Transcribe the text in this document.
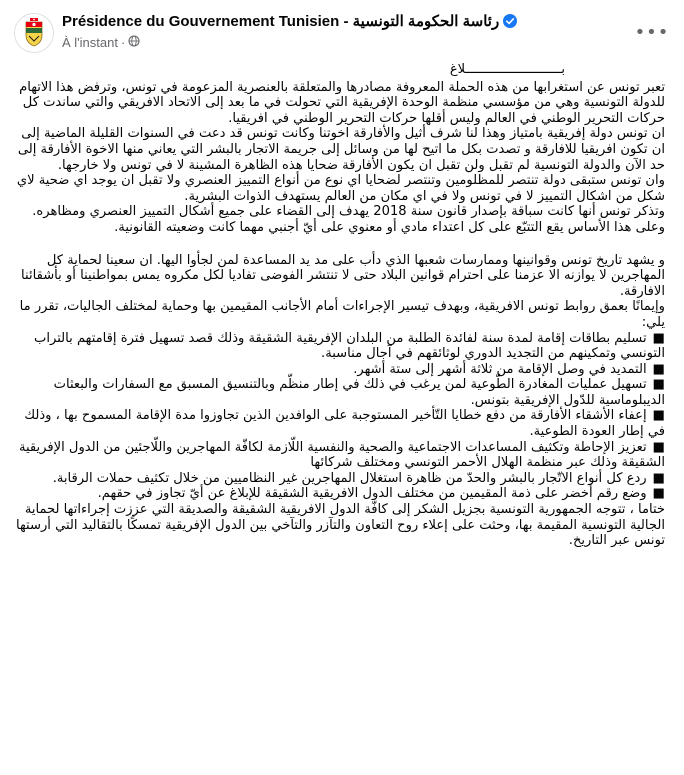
Présidence du Gouvernement Tunisien - رئاسة الحكومة التونسية
À l'instant ·
•••

بـــــــــــــــــــــــــلاغ

تعبر تونس عن استغرابها من هذه الحملة المعروفة مصادرها والمتعلقة بالعنصرية المزعومة في تونس، وترفض هذا الاتهام للدولة التونسية وهي من مؤسسي منظمة الوحدة الإفريقية التي تحولت في ما بعد إلى الاتحاد الافريقي والتي ساندت كل حركات التحرير الوطني في العالم وليس أقلها حركات التحرير الوطني في افريقيا.

ان تونس دولة إفريقية بامتياز وهذا لنا شرف أثيل والأفارقة اخوتنا وكانت تونس قد دعت في السنوات القليلة الماضية إلى ان تكون افريقيا للافارقة و تصدت بكل ما اتيح لها من وسائل إلى جريمة الاتجار بالبشر التي يعاني منها الاخوة الأفارقة إلى حد الآن والدولة التونسية لم تقبل ولن تقبل ان يكون الأفارقة ضحايا هذه الظاهرة المشينة لا في تونس ولا خارجها.

وان تونس ستبقى دولة تنتصر للمظلومين وتنتصر لضحايا اي نوع من أنواع التمييز العنصري ولا تقبل ان يوجد اي ضحية لاي شكل من اشكال التمييز لا في تونس ولا في اي مكان من العالم يستهدف الذوات البشرية.

وتذكر تونس أنها كانت سباقة بإصدار قانون سنة 2018 يهدف إلى القضاء على جميع أشكال التمييز العنصري ومظاهره. وعلى هذا الأساس يقع التتبّع على كل اعتداء مادي أو معنوي على أيّ أجنبي مهما كانت وضعيته القانونية.

و يشهد تاريخ تونس وقوانينها وممارسات شعبها الذي دأب على مد يد المساعدة لمن لجأوا اليها. ان سعينا لحماية كل المهاجرين لا يوازنه الا عزمنا على احترام قوانين البلاد حتى لا تنتشر الفوضى تفاديا لكل مكروه يمس بمواطنينا أو بأشقائنا الافارقة.

وإيمانًا بعمق روابط تونس الافريقية، وبهدف تيسير الإجراءات أمام الأجانب المقيمين بها وحماية لمختلف الجاليات، تقرر ما يلي:

■تسليم بطاقات إقامة لمدة سنة لفائدة الطلبة من البلدان الإفريقية الشقيقة وذلك قصد تسهيل فترة إقامتهم بالتراب التونسي وتمكينهم من التجديد الدوري لوثائقهم في آجال مناسبة.

■التمديد في وصل الإقامة من ثلاثة أشهر إلى ستة أشهر.

■تسهيل عمليات المغادرة الطّوعية لمن يرغب في ذلك في إطار منظّم وبالتنسيق المسبق مع السفارات والبعثات الديبلوماسية للدّول الإفريقية بتونس.

■إعفاء الأشقاء الأفارقة من دفع خطايا التّأخير المستوجبة على الوافدين الذين تجاوزوا مدة الإقامة المسموح بها ، وذلك في إطار العودة الطوعية.

■تعزيز الإحاطة وتكثيف المساعدات الاجتماعية والصحية والنفسية اللّازمة لكافّة المهاجرين واللّاجئين من الدول الإفريقية الشقيقة وذلك عبر منظمة الهلال الأحمر التونسي ومختلف شركائها

■ردع كل أنواع الاتّجار بالبشر والحدّ من ظاهرة استغلال المهاجرين غير النظاميين من خلال تكثيف حملات الرقابة.

■وضع رقم أخضر على ذمة المقيمين من مختلف الدول الافريقية الشقيقة للإبلاغ عن أيّ تجاوز في حقهم.

ختاما ، تتوجه الجمهورية التونسية بجزيل الشكر إلى كافّة الدول الافريقية الشقيقة والصديقة التي عززت إجراءاتها لحماية الجالية التونسية المقيمة بها، وحثت على إعلاء روح التعاون والتآزر والتآخي بين الدول الإفريقية تمسكًا بالتقاليد التي أرستها تونس عبر التاريخ.
